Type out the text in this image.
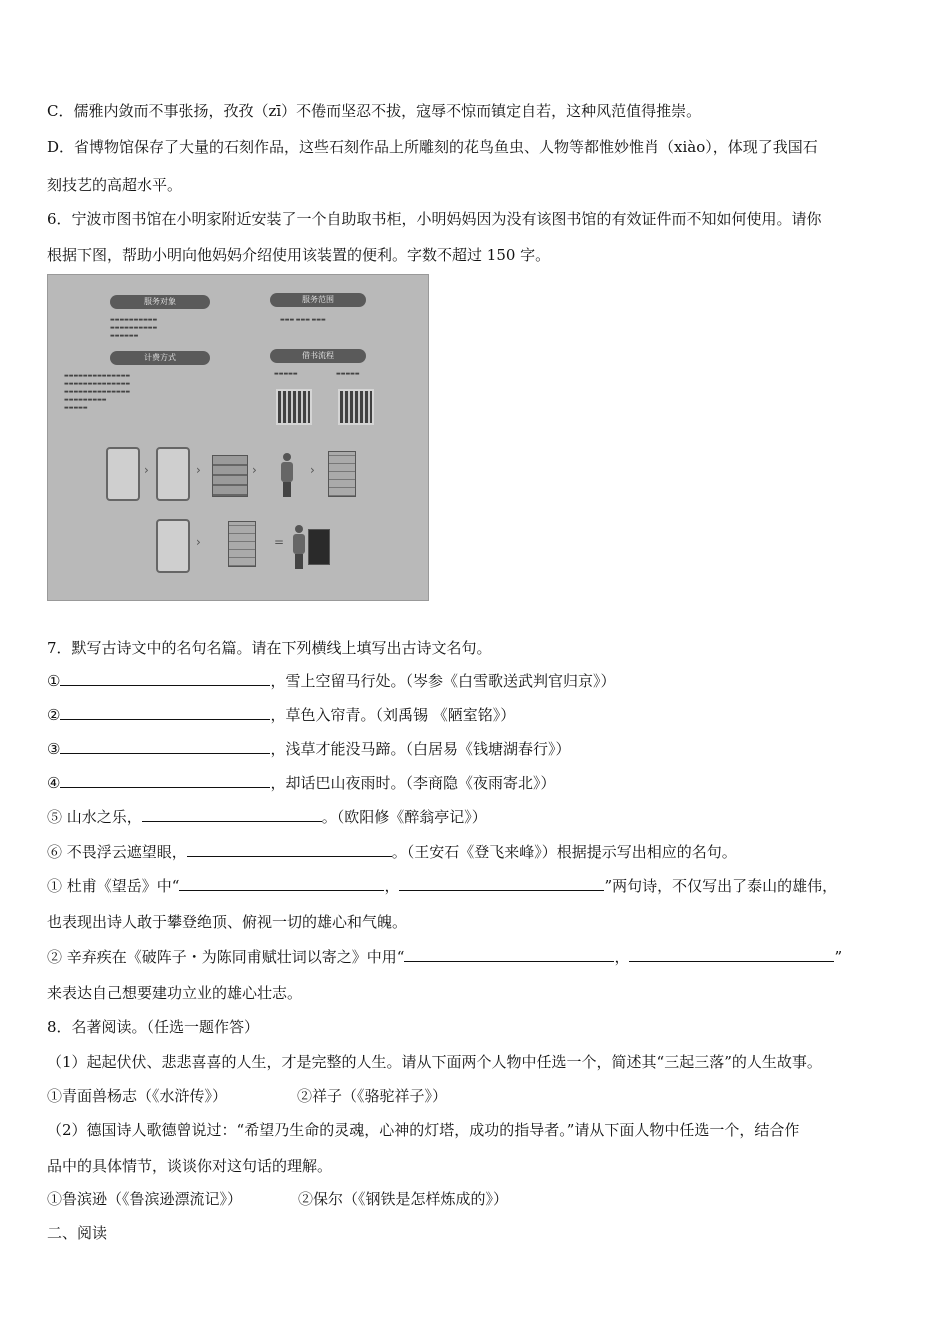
C．儒雅内敛而不事张扬，孜孜（zī）不倦而坚忍不拔，寇辱不惊而镇定自若，这种风范值得推崇。
D．省博物馆保存了大量的石刻作品，这些石刻作品上所雕刻的花鸟鱼虫、人物等都惟妙惟肖（xiào），体现了我国石
刻技艺的高超水平。
6．宁波市图书馆在小明家附近安装了一个自助取书柜，小明妈妈因为没有该图书馆的有效证件而不知如何使用。请你
根据下图，帮助小明向他妈妈介绍使用该装置的便利。字数不超过 150 字。
服务对象	服务范围
▬▬▬▬▬▬▬▬▬▬
▬▬▬▬▬▬▬▬▬▬
▬▬▬▬▬▬
▬▬▬ ▬▬▬ ▬▬▬
计费方式	借书流程
▬▬▬▬▬▬▬▬▬▬▬▬▬▬
▬▬▬▬▬▬▬▬▬▬▬▬▬▬
▬▬▬▬▬▬▬▬▬▬▬▬▬▬
▬▬▬▬▬▬▬▬▬
▬▬▬▬▬
▬▬▬▬▬	▬▬▬▬▬
›	›	›	›
›	=
7．默写古诗文中的名句名篇。请在下列横线上填写出古诗文名句。
①	，雪上空留马行处。（岑参《白雪歌送武判官归京》）
②	，草色入帘青。（刘禹锡 《陋室铭》）
③	，浅草才能没马蹄。（白居易《钱塘湖春行》）
④	，却话巴山夜雨时。（李商隐《夜雨寄北》）
⑤ 山水之乐，	。（欧阳修《醉翁亭记》）
⑥ 不畏浮云遮望眼，	。（王安石《登飞来峰》）根据提示写出相应的名句。
① 杜甫《望岳》中“	，	”两句诗，不仅写出了泰山的雄伟，
也表现出诗人敢于攀登绝顶、俯视一切的雄心和气魄。
② 辛弃疾在《破阵子・为陈同甫赋壮词以寄之》中用“	，	”
来表达自己想要建功立业的雄心壮志。
8．名著阅读。（任选一题作答）
（1）起起伏伏、悲悲喜喜的人生，才是完整的人生。请从下面两个人物中任选一个，简述其“三起三落”的人生故事。
①青面兽杨志（《水浒传》）	②祥子（《骆驼祥子》）
（2）德国诗人歌德曾说过：“希望乃生命的灵魂，心神的灯塔，成功的指导者。”请从下面人物中任选一个，结合作
品中的具体情节，谈谈你对这句话的理解。
①鲁滨逊（《鲁滨逊漂流记》）	②保尔（《钢铁是怎样炼成的》）
二、阅读
